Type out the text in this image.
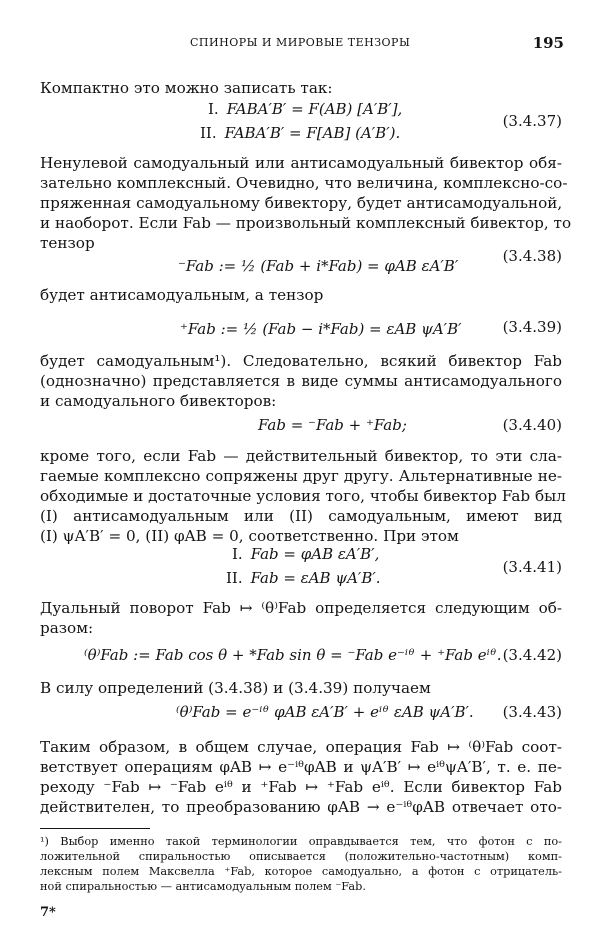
СПИНОРЫ И МИРОВЫЕ ТЕНЗОРЫ	195
Компактно это можно записать так:
I. FABA′B′ = F(AB) [A′B′],
II. FABA′B′ = F[AB] (A′B′).
(3.4.37)
Ненулевой самодуальный или антисамодуальный бивектор обя-
зательно комплексный. Очевидно, что величина, комплексно-со-
пряженная самодуальному бивектору, будет антисамодуальной,
и наоборот. Если Fab — произвольный комплексный бивектор, то
тензор
⁻Fab := ½ (Fab + i*Fab) = φAB εA′B′
(3.4.38)
будет антисамодуальным, а тензор
⁺Fab := ½ (Fab − i*Fab) = εAB ψA′B′	(3.4.39)
будет самодуальным¹). Следовательно, всякий бивектор Fab
(однозначно) представляется в виде суммы антисамодуального
и самодуального бивекторов:
Fab = ⁻Fab + ⁺Fab;	(3.4.40)
кроме того, если Fab — действительный бивектор, то эти сла-
гаемые комплексно сопряжены друг другу. Альтернативные не-
обходимые и достаточные условия того, чтобы бивектор Fab был
(I) антисамодуальным или (II) самодуальным, имеют вид
(I) ψA′B′ = 0, (II) φAB = 0, соответственно. При этом
I. Fab = φAB εA′B′,
II. Fab = εAB ψA′B′.
(3.4.41)
Дуальный поворот Fab ↦ ⁽θ⁾Fab определяется следующим об-
разом:
⁽θ⁾Fab := Fab cos θ + *Fab sin θ = ⁻Fab e⁻ⁱᶿ + ⁺Fab eⁱᶿ. (3.4.42)
В силу определений (3.4.38) и (3.4.39) получаем
⁽θ⁾Fab = e⁻ⁱᶿ φAB εA′B′ + eⁱᶿ εAB ψA′B′. (3.4.43)
Таким образом, в общем случае, операция Fab ↦ ⁽θ⁾Fab соот-
ветствует операциям φAB ↦ e⁻ⁱᶿφAB и ψA′B′ ↦ eⁱᶿψA′B′, т. е. пе-
реходу ⁻Fab ↦ ⁻Fab eⁱᶿ и ⁺Fab ↦ ⁺Fab eⁱᶿ. Если бивектор Fab
действителен, то преобразованию φAB → e⁻ⁱᶿφAB отвечает ото-
¹) Выбор именно такой терминологии оправдывается тем, что фотон с по-
ложительной спиральностью описывается (положительно-частотным) комп-
лексным полем Максвелла ⁺Fab, которое самодуально, а фотон с отрицатель-
ной спиральностью — антисамодуальным полем ⁻Fab.
7*
